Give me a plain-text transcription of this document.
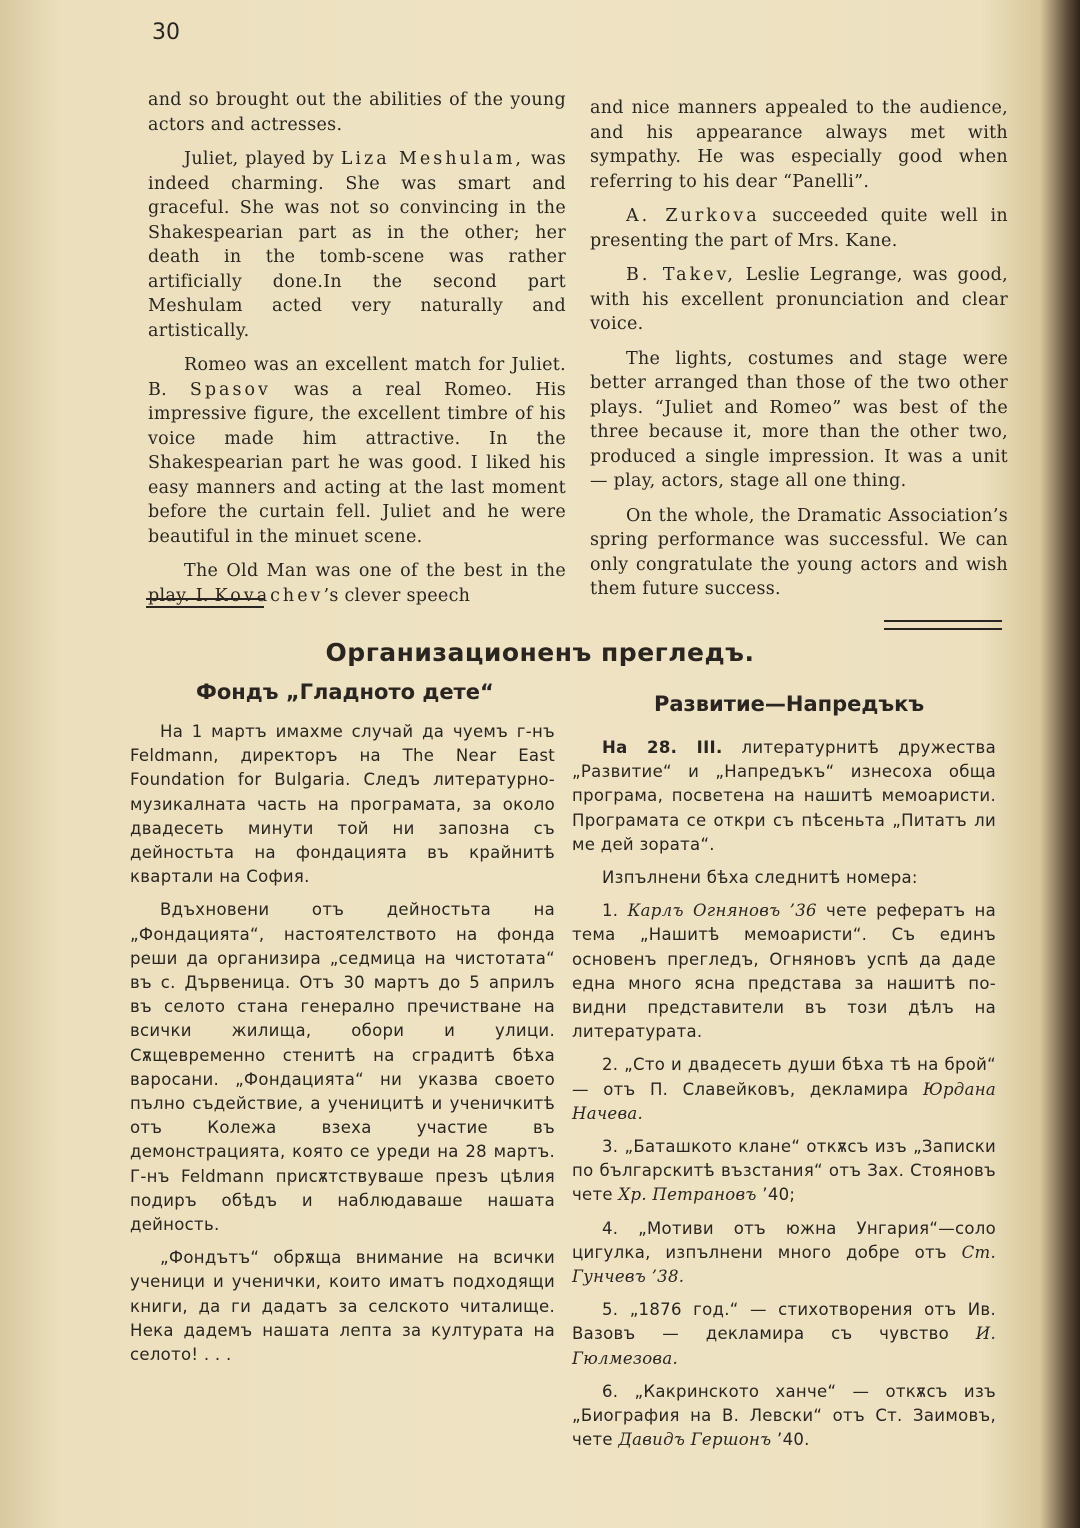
30

and so brought out the abilities of the young actors and actresses.

Juliet, played by Liza Meshulam, was indeed charming. She was smart and graceful. She was not so convincing in the Shakespearian part as in the other; her death in the tomb-scene was rather artificially done.In the second part Meshulam acted very naturally and artistically.

Romeo was an excellent match for Juliet. B. Spasov was a real Romeo. His impressive figure, the excellent timbre of his voice made him attractive. In the Shakespearian part he was good. I liked his easy manners and acting at the last moment before the curtain fell. Juliet and he were beautiful in the minuet scene.

The Old Man was one of the best in the play. I. Kovachev’s clever speech

and nice manners appealed to the audience, and his appearance always met with sympathy. He was especially good when referring to his dear “Panelli”.

A. Zurkova succeeded quite well in presenting the part of Mrs. Kane.

B. Takev, Leslie Legrange, was good, with his excellent pronunciation and clear voice.

The lights, costumes and stage were better arranged than those of the two other plays. “Juliet and Romeo” was best of the three because it, more than the other two, produced a single impression. It was a unit — play, actors, stage all one thing.

On the whole, the Dramatic Association’s spring performance was successful. We can only congratulate the young actors and wish them future success.

Организационенъ прегледъ.
Фондъ „Гладното дете“

На 1 мартъ имахме случай да чуемъ г-нъ Feldmann, директоръ на The Near East Foundation for Bulgaria. Следъ литературно-музикалната часть на програмата, за около двадесеть минути той ни запозна съ дейностьта на фондацията въ крайнитѣ квартали на София.

Вдъхновени отъ дейностьта на „Фондацията“, настоятелството на фонда реши да организира „седмица на чистотата“ въ с. Дървеница. Отъ 30 мартъ до 5 априлъ въ селото стана генерално пречистване на всички жилища, обори и улици. Сѫщевременно стенитѣ на сградитѣ бѣха варосани. „Фондацията“ ни указва своето пълно съдействие, а ученицитѣ и ученичкитѣ отъ Колежа взеха участие въ демонстрацията, която се уреди на 28 мартъ. Г-нъ Feldmann присѫтствуваше презъ цѣлия подиръ обѣдъ и наблюдаваше нашата дейность.

„Фондътъ“ обрѫща внимание на всички ученици и ученички, които иматъ подходящи книги, да ги дадатъ за селското читалище. Нека дадемъ нашата лепта за културата на селото! . . .

Развитие—Напредъкъ

На 28. III. литературнитѣ дружества „Развитие“ и „Напредъкъ“ изнесоха обща програма, посветена на нашитѣ мемоаристи. Програмата се откри съ пѣсеньта „Питатъ ли ме дей зората“.

Изпълнени бѣха следнитѣ номера:

1. Карлъ Огняновъ ’36 чете рефератъ на тема „Нашитѣ мемоаристи“. Съ единъ основенъ прегледъ, Огняновъ успѣ да даде една много ясна представа за нашитѣ по-видни представители въ този дѣлъ на литературата.

2. „Сто и двадесеть души бѣха тѣ на брой“ — отъ П. Славейковъ, декламира Юрдана Начева.

3. „Баташкото клане“ откѫсъ изъ „Записки по българскитѣ възстания“ отъ Зах. Стояновъ чете Хр. Петрановъ ’40;

4. „Мотиви отъ южна Унгария“—соло цигулка, изпълнени много добре отъ Ст. Гунчевъ ’38.

5. „1876 год.“ — стихотворения отъ Ив. Вазовъ — декламира съ чувство И. Гюлмезова.

6. „Какринското ханче“ — откѫсъ изъ „Биография на В. Левски“ отъ Ст. Заимовъ, чете Давидъ Гершонъ ’40.
